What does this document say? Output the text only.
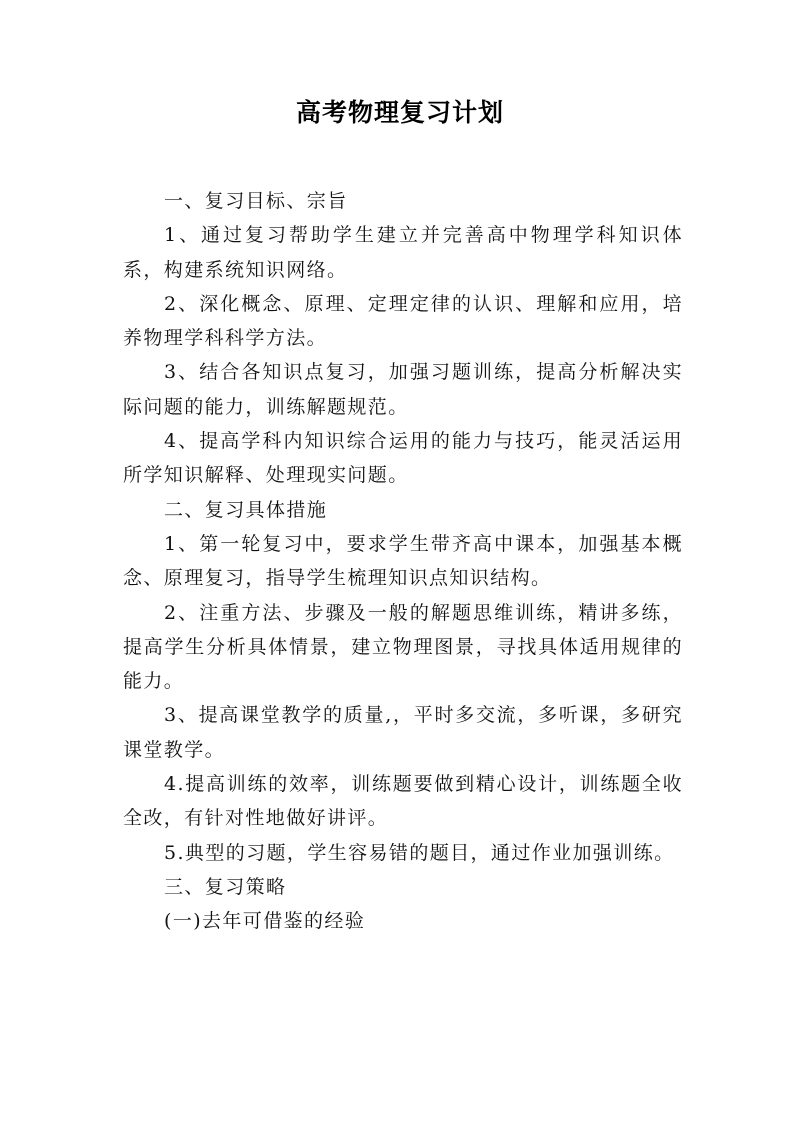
高考物理复习计划

一、复习目标、宗旨

1、通过复习帮助学生建立并完善高中物理学科知识体系，构建系统知识网络。

2、深化概念、原理、定理定律的认识、理解和应用，培养物理学科科学方法。

3、结合各知识点复习，加强习题训练，提高分析解决实际问题的能力，训练解题规范。

4、提高学科内知识综合运用的能力与技巧，能灵活运用所学知识解释、处理现实问题。

二、复习具体措施

1、第一轮复习中，要求学生带齐高中课本，加强基本概念、原理复习，指导学生梳理知识点知识结构。

2、注重方法、步骤及一般的解题思维训练，精讲多练，提高学生分析具体情景，建立物理图景，寻找具体适用规律的能力。

3、提高课堂教学的质量,，平时多交流，多听课，多研究课堂教学。

4.提高训练的效率，训练题要做到精心设计，训练题全收全改，有针对性地做好讲评。

5.典型的习题，学生容易错的题目，通过作业加强训练。

三、复习策略

(一)去年可借鉴的经验
